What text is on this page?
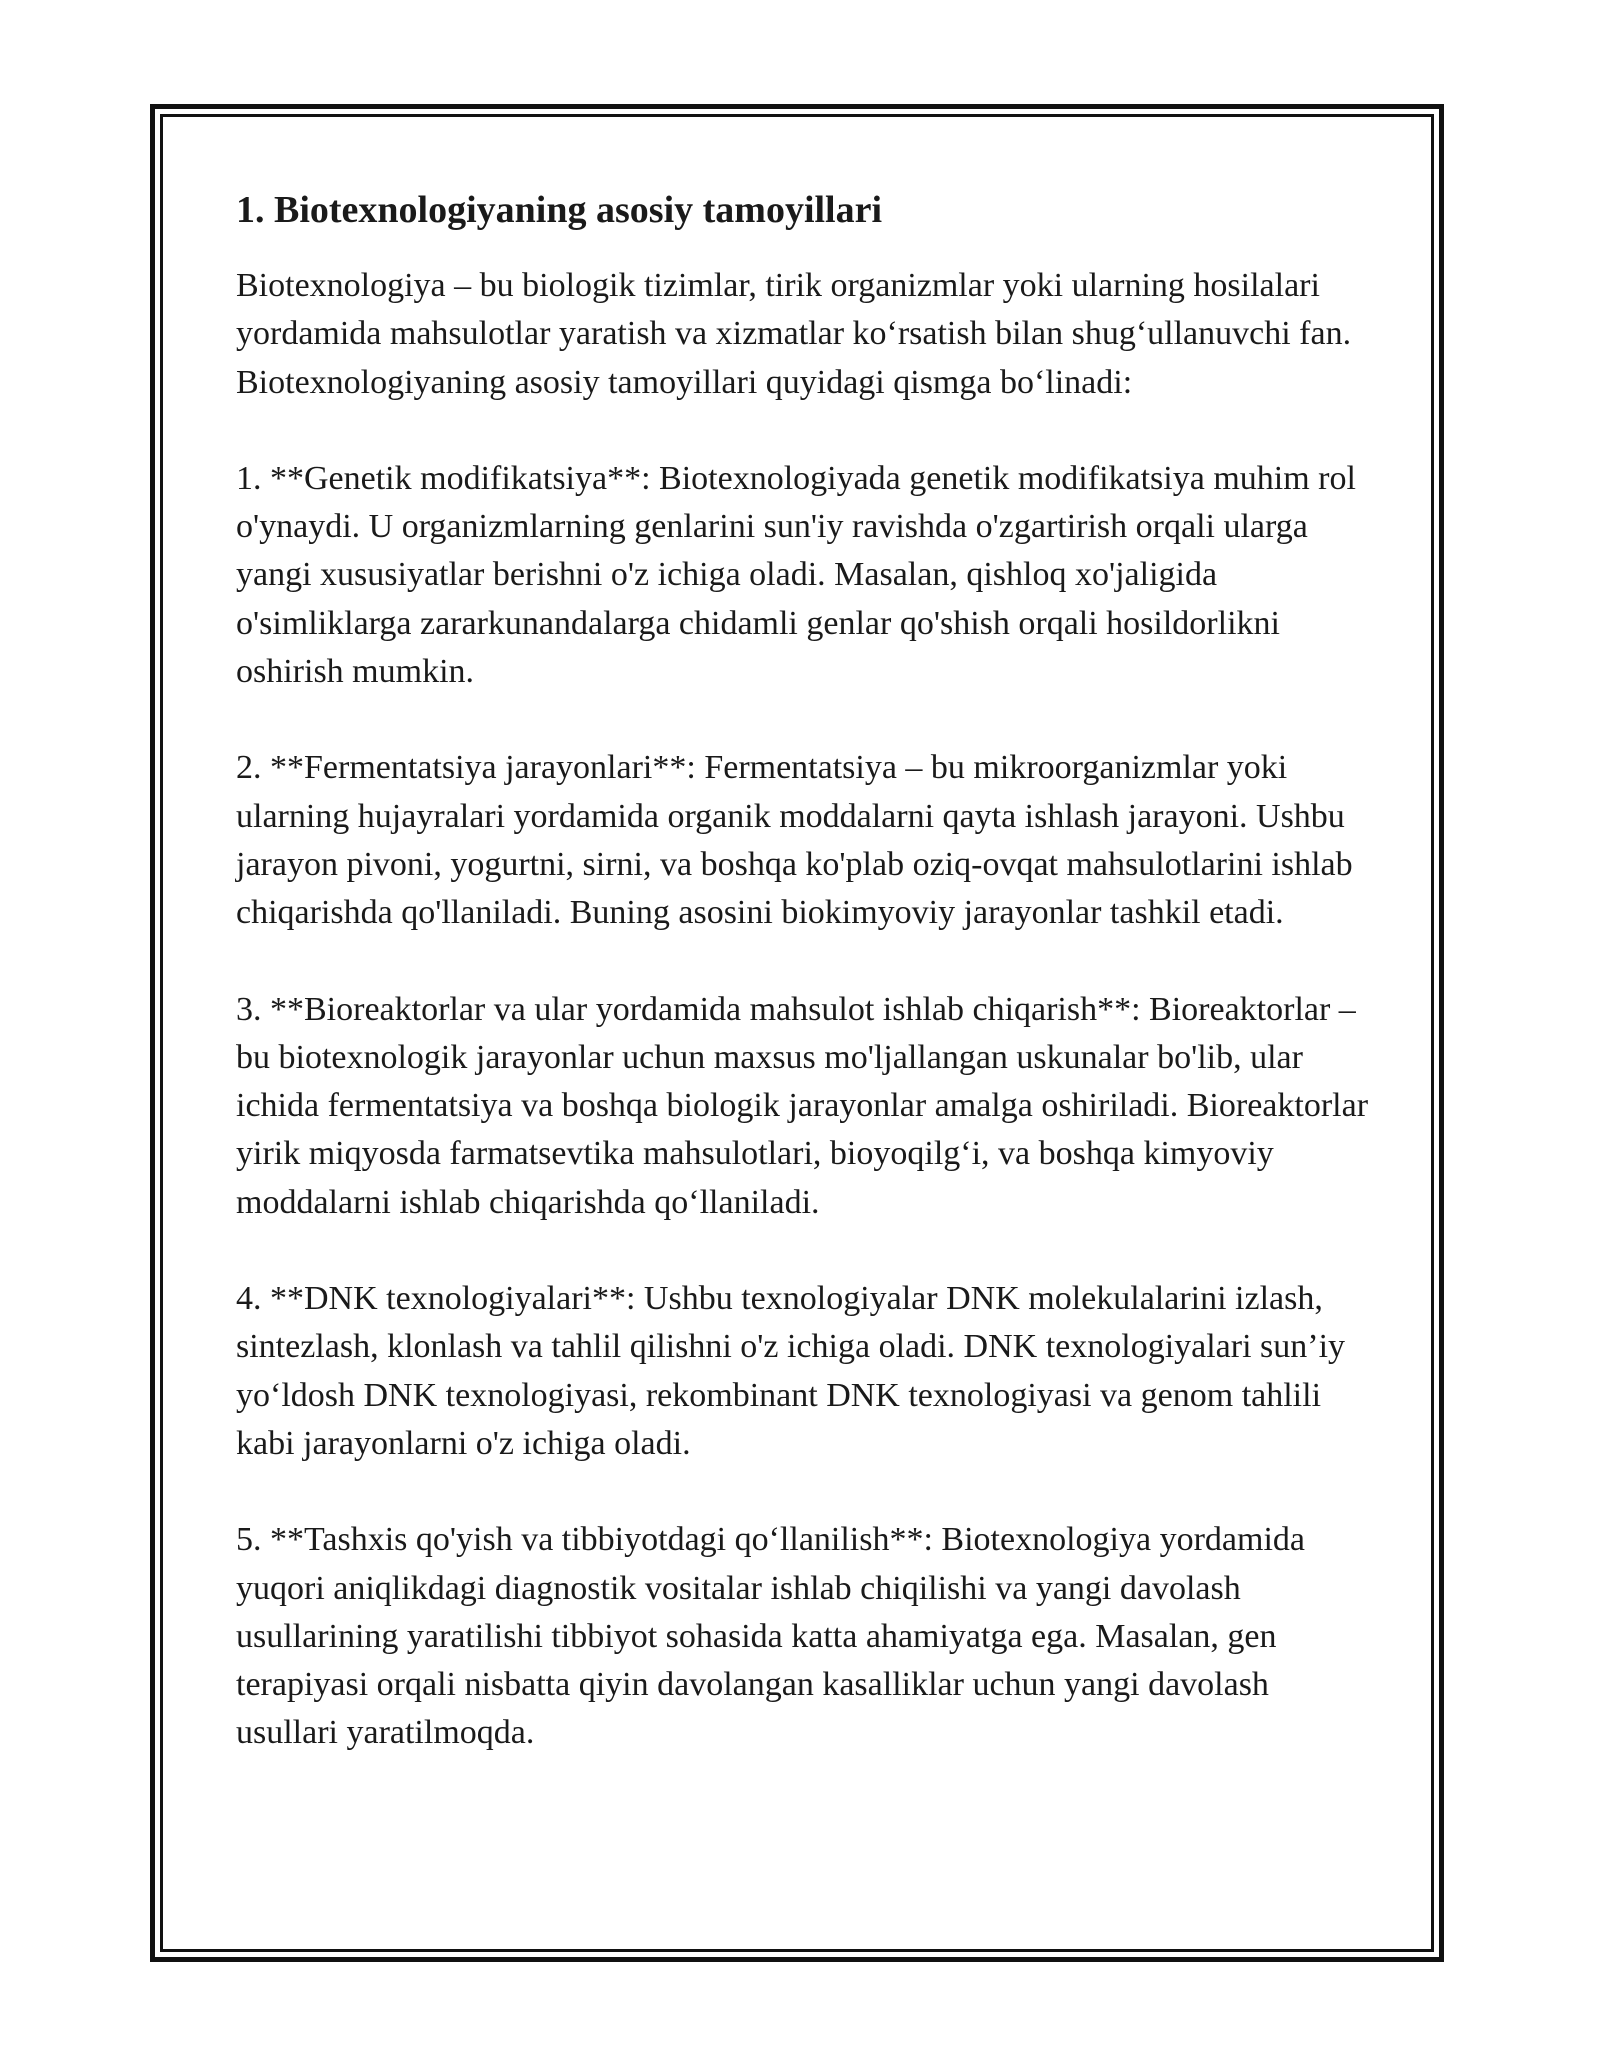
1. Biotexnologiyaning asosiy tamoyillari

Biotexnologiya – bu biologik tizimlar, tirik organizmlar yoki ularning hosilalari yordamida mahsulotlar yaratish va xizmatlar ko‘rsatish bilan shug‘ullanuvchi fan. Biotexnologiyaning asosiy tamoyillari quyidagi qismga bo‘linadi:

1. **Genetik modifikatsiya**: Biotexnologiyada genetik modifikatsiya muhim rol o'ynaydi. U organizmlarning genlarini sun'iy ravishda o'zgartirish orqali ularga yangi xususiyatlar berishni o'z ichiga oladi. Masalan, qishloq xo'jaligida o'simliklarga zararkunandalarga chidamli genlar qo'shish orqali hosildorlikni oshirish mumkin.

2. **Fermentatsiya jarayonlari**: Fermentatsiya – bu mikroorganizmlar yoki ularning hujayralari yordamida organik moddalarni qayta ishlash jarayoni. Ushbu jarayon pivoni, yogurtni, sirni, va boshqa ko'plab oziq-ovqat mahsulotlarini ishlab chiqarishda qo'llaniladi. Buning asosini biokimyoviy jarayonlar tashkil etadi.

3. **Bioreaktorlar va ular yordamida mahsulot ishlab chiqarish**: Bioreaktorlar – bu biotexnologik jarayonlar uchun maxsus mo'ljallangan uskunalar bo'lib, ular ichida fermentatsiya va boshqa biologik jarayonlar amalga oshiriladi. Bioreaktorlar yirik miqyosda farmatsevtika mahsulotlari, bioyoqilg‘i, va boshqa kimyoviy moddalarni ishlab chiqarishda qo‘llaniladi.

4. **DNK texnologiyalari**: Ushbu texnologiyalar DNK molekulalarini izlash, sintezlash, klonlash va tahlil qilishni o'z ichiga oladi. DNK texnologiyalari sun’iy yo‘ldosh DNK texnologiyasi, rekombinant DNK texnologiyasi va genom tahlili kabi jarayonlarni o'z ichiga oladi.

5. **Tashxis qo'yish va tibbiyotdagi qo‘llanilish**: Biotexnologiya yordamida yuqori aniqlikdagi diagnostik vositalar ishlab chiqilishi va yangi davolash usullarining yaratilishi tibbiyot sohasida katta ahamiyatga ega. Masalan, gen terapiyasi orqali nisbatta qiyin davolangan kasalliklar uchun yangi davolash usullari yaratilmoqda.
